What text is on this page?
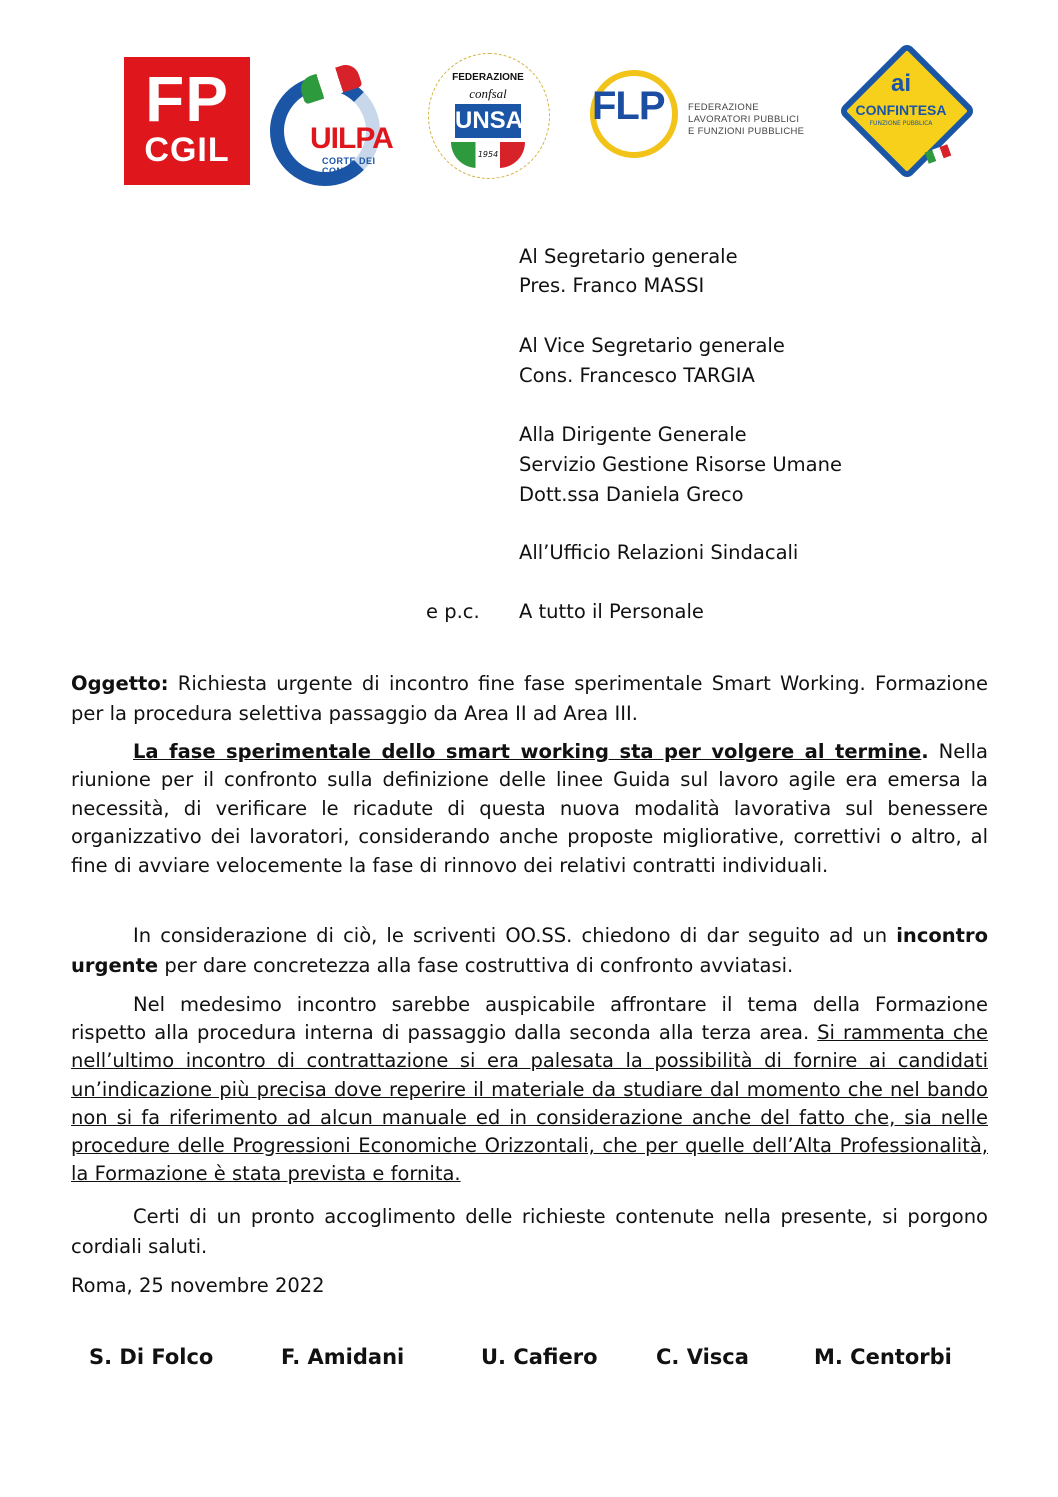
FP
CGIL	UILPA
CORTE DEI CONTI
FEDERAZIONE
confsal
UNSA
1954
FLP FEDERAZIONE
LAVORATORI PUBBLICI
E FUNZIONI PUBBLICHE
ai
CONFINTESA
FUNZIONE PUBBLICA
Al Segretario generale
Pres. Franco MASSI
Al Vice Segretario generale
Cons. Francesco TARGIA
Alla Dirigente Generale
Servizio Gestione Risorse Umane
Dott.ssa Daniela Greco
All’Ufficio Relazioni Sindacali
e p.c. A tutto il Personale
Oggetto: Richiesta urgente di incontro fine fase sperimentale Smart Working. Formazione per la procedura selettiva passaggio da Area II ad Area III.
La fase sperimentale dello smart working sta per volgere al termine. Nella riunione per il confronto sulla definizione delle linee Guida sul lavoro agile era emersa la necessità, di verificare le ricadute di questa nuova modalità lavorativa sul benessere organizzativo dei lavoratori, considerando anche proposte migliorative, correttivi o altro, al fine di avviare velocemente la fase di rinnovo dei relativi contratti individuali.
In considerazione di ciò, le scriventi OO.SS. chiedono di dar seguito ad un incontro urgente per dare concretezza alla fase costruttiva di confronto avviatasi.
Nel medesimo incontro sarebbe auspicabile affrontare il tema della Formazione rispetto alla procedura interna di passaggio dalla seconda alla terza area. Si rammenta che nell’ultimo incontro di contrattazione si era palesata la possibilità di fornire ai candidati un’indicazione più precisa dove reperire il materiale da studiare dal momento che nel bando non si fa riferimento ad alcun manuale ed in considerazione anche del fatto che, sia nelle procedure delle Progressioni Economiche Orizzontali, che per quelle dell’Alta Professionalità, la Formazione è stata prevista e fornita.
Certi di un pronto accoglimento delle richieste contenute nella presente, si porgono cordiali saluti.
Roma, 25 novembre 2022
S. Di Folco	F. Amidani	U. Cafiero	C. Visca	M. Centorbi
